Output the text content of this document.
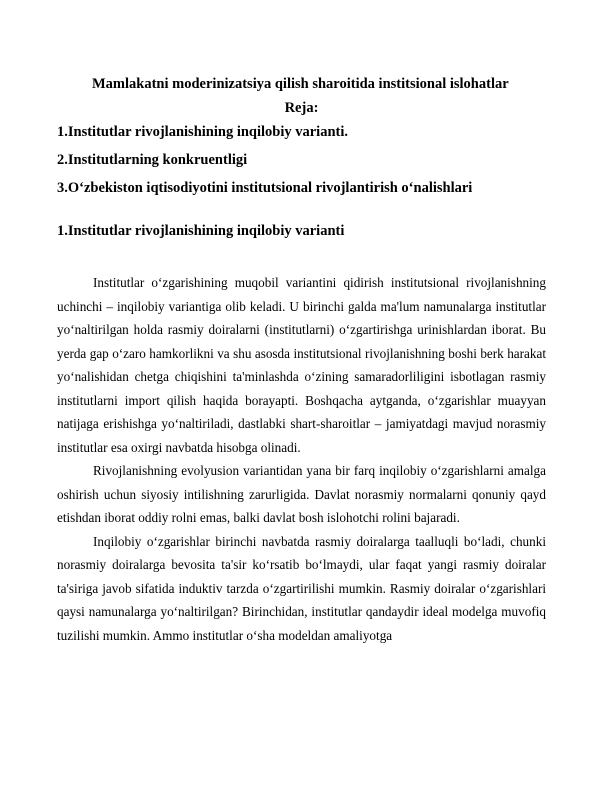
Mamlakatni moderinizatsiya qilish sharoitida institsional islohatlar

Reja:

1.Institutlar rivojlanishining inqilobiy varianti.
2.Institutlarning konkruentligi
3.O‘zbekiston iqtisodiyotini institutsional rivojlantirish o‘nalishlari

1.Institutlar rivojlanishining inqilobiy varianti

Institutlar o‘zgarishining muqobil variantini qidirish institutsional rivojlanishning uchinchi – inqilobiy variantiga olib keladi. U birinchi galda ma'lum namunalarga institutlar yo‘naltirilgan holda rasmiy doiralarni (institutlarni) o‘zgartirishga urinishlardan iborat. Bu yerda gap o‘zaro hamkorlikni va shu asosda institutsional rivojlanishning boshi berk harakat yo‘nalishidan chetga chiqishini ta'minlashda o‘zining samaradorliligini isbotlagan rasmiy institutlarni import qilish haqida borayapti. Boshqacha aytganda, o‘zgarishlar muayyan natijaga erishishga yo‘naltiriladi, dastlabki shart-sharoitlar – jamiyatdagi mavjud norasmiy institutlar esa oxirgi navbatda hisobga olinadi.

Rivojlanishning evolyusion variantidan yana bir farq inqilobiy o‘zgarishlarni amalga oshirish uchun siyosiy intilishning zarurligida. Davlat norasmiy normalarni qonuniy qayd etishdan iborat oddiy rolni emas, balki davlat bosh islohotchi rolini bajaradi.

Inqilobiy o‘zgarishlar birinchi navbatda rasmiy doiralarga taalluqli bo‘ladi, chunki norasmiy doiralarga bevosita ta'sir ko‘rsatib bo‘lmaydi, ular faqat yangi rasmiy doiralar ta'siriga javob sifatida induktiv tarzda o‘zgartirilishi mumkin. Rasmiy doiralar o‘zgarishlari qaysi namunalarga yo‘naltirilgan? Birinchidan, institutlar qandaydir ideal modelga muvofiq tuzilishi mumkin. Ammo institutlar o‘sha modeldan amaliyotga
